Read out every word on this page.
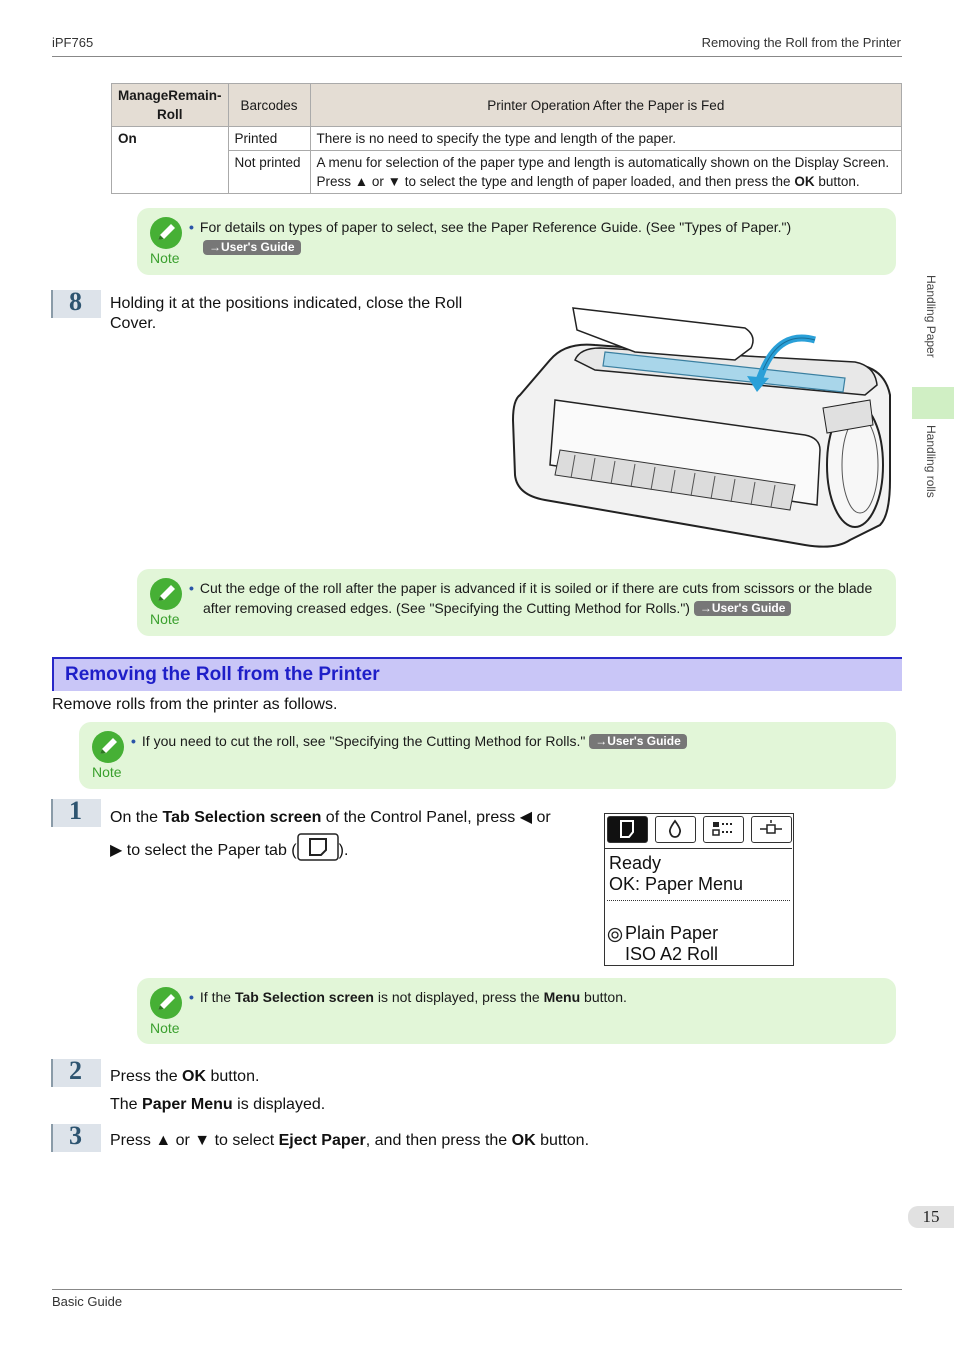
iPF765	Removing the Roll from the Printer
ManageRemain-Roll	Barcodes	Printer Operation After the Paper is Fed
On	Printed	There is no need to specify the type and length of the paper.
	Not printed	A menu for selection of the paper type and length is automatically shown on the Display Screen.
Press ▲ or ▼ to select the type and length of paper loaded, and then press the OK button.
Note
• For details on types of paper to select, see the Paper Reference Guide. (See "Types of Paper.")
→User's Guide
8 Holding it at the positions indicated, close the Roll
Cover.
Note
• Cut the edge of the roll after the paper is advanced if it is soiled or if there are cuts from scissors or the blade
after removing creased edges. (See "Specifying the Cutting Method for Rolls.") →User's Guide
Removing the Roll from the Printer
Remove rolls from the printer as follows.
Note
• If you need to cut the roll, see "Specifying the Cutting Method for Rolls." →User's Guide
1 On the Tab Selection screen of the Control Panel, press ◀ or
▶ to select the Paper tab (	).
Ready
OK: Paper Menu
Plain Paper
ISO A2 Roll
Note
• If the Tab Selection screen is not displayed, press the Menu button.
2 Press the OK button.
The Paper Menu is displayed.
3 Press ▲ or ▼ to select Eject Paper, and then press the OK button.
Handling Paper
Handling rolls
15
Basic Guide
